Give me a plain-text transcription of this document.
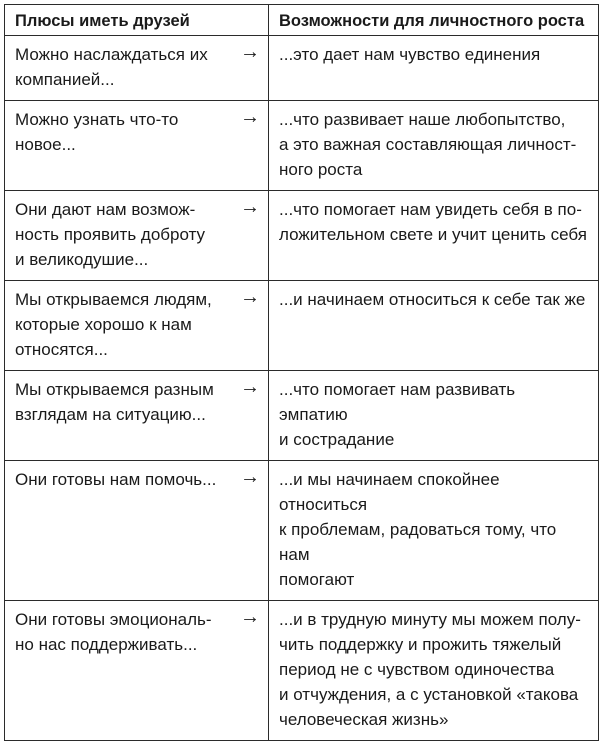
Плюсы иметь друзей	Возможности для личностного роста

Можно наслаждаться их
компанией...
→	...это дает нам чувство единения

Можно узнать что-то
новое...
→	...что развивает наше любопытство,
а это важная составляющая личност-
ного роста

Они дают нам возмож-
ность проявить доброту
и великодушие...
→	...что помогает нам увидеть себя в по-
ложительном свете и учит ценить себя

Мы открываемся людям,
которые хорошо к нам
относятся...
→	...и начинаем относиться к себе так же

Мы открываемся разным
взглядам на ситуацию...
→	...что помогает нам развивать эмпатию
и сострадание

Они готовы нам помочь... →	...и мы начинаем спокойнее относиться
к проблемам, радоваться тому, что нам
помогают

Они готовы эмоциональ-
но нас поддерживать...
→	...и в трудную минуту мы можем полу-
чить поддержку и прожить тяжелый
период не с чувством одиночества
и отчуждения, а с установкой «такова
человеческая жизнь»
